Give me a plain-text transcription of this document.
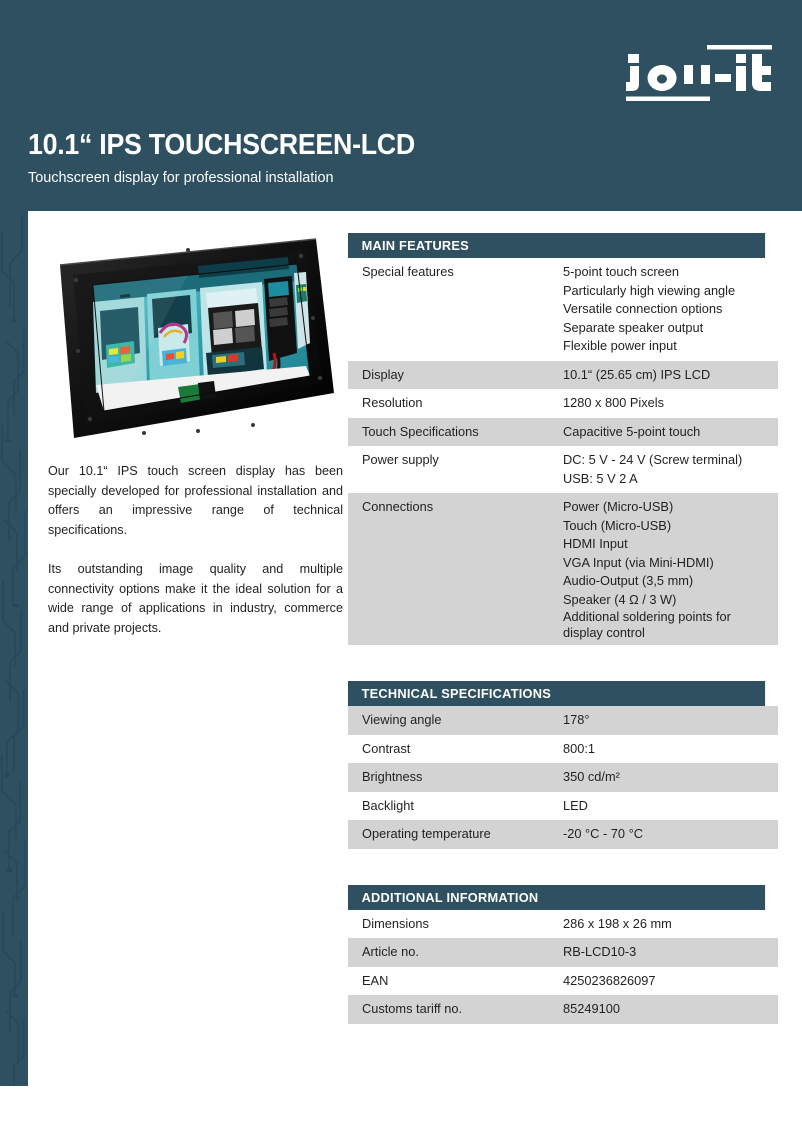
10.1“ IPS TOUCHSCREEN-LCD
Touchscreen display for professional installation

Our 10.1“ IPS touch screen display has been specially developed for professional installation and offers an impressive range of technical specifications.

Its outstanding image quality and multiple connectivity options make it the ideal solution for a wide range of applications in industry, commerce and private projects.

MAIN FEATURES
Special features	5-point touch screen
Particularly high viewing angle
Versatile connection options
Separate speaker output
Flexible power input
Display	10.1“ (25.65 cm) IPS LCD
Resolution	1280 x 800 Pixels
Touch Specifications	Capacitive 5-point touch
Power supply	DC: 5 V - 24 V (Screw terminal)
USB: 5 V 2 A
Connections	Power (Micro-USB)
Touch (Micro-USB)
HDMI Input
VGA Input (via Mini-HDMI)
Audio-Output (3,5 mm)
Speaker (4 Ω / 3 W)
Additional soldering points for display control
TECHNICAL SPECIFICATIONS
Viewing angle	178°
Contrast	800:1
Brightness	350 cd/m²
Backlight	LED
Operating temperature	-20 °C - 70 °C
ADDITIONAL INFORMATION
Dimensions	286 x 198 x 26 mm
Article no.	RB-LCD10-3
EAN	4250236826097
Customs tariff no.	85249100
